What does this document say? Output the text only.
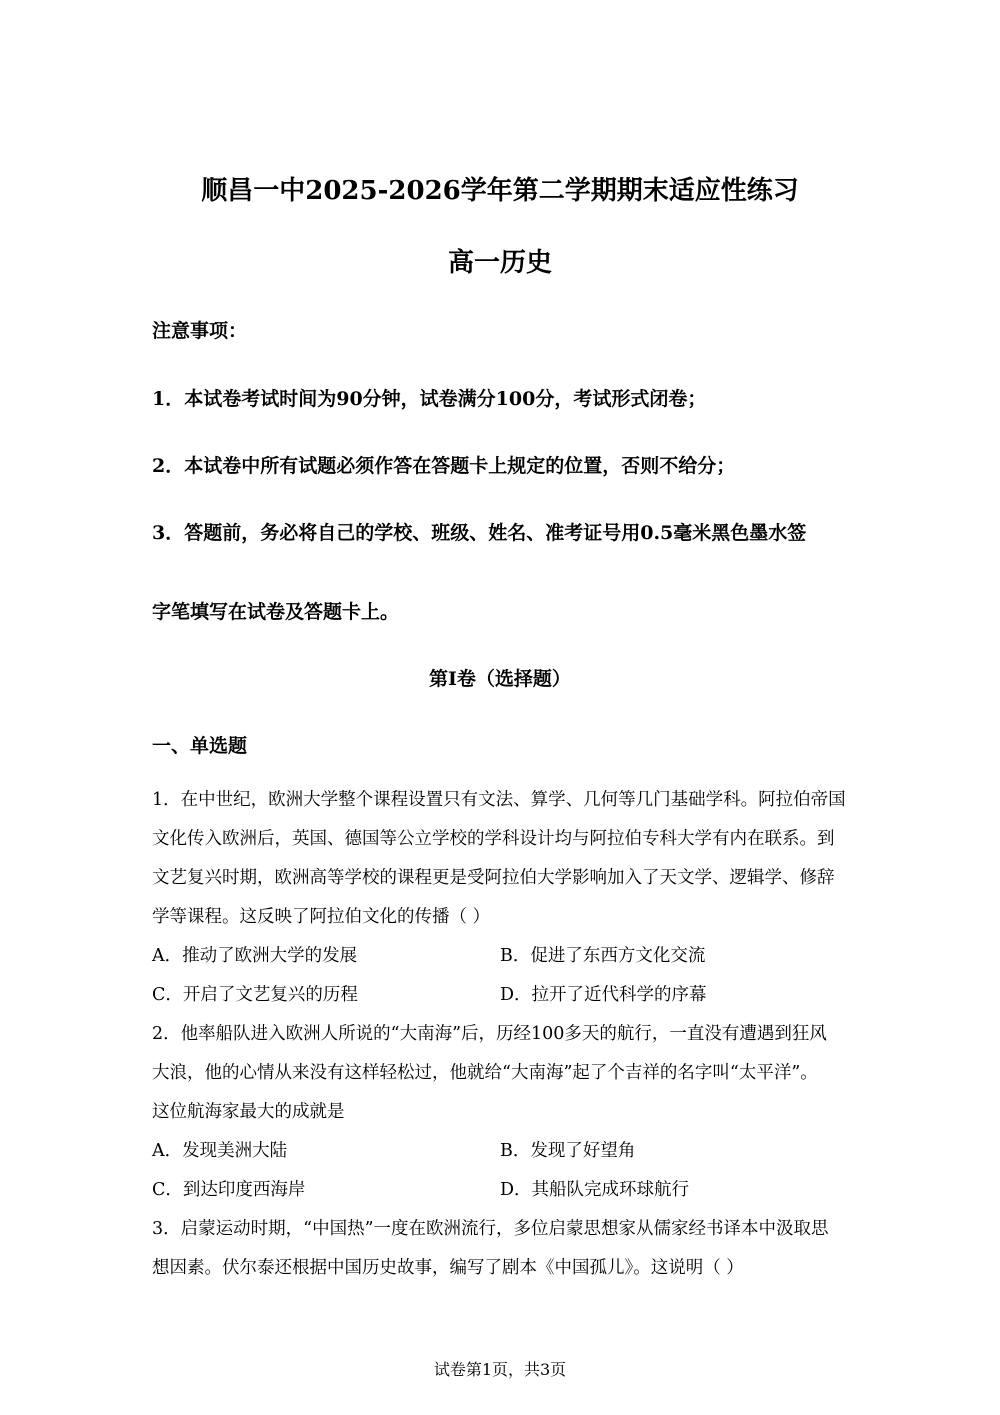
顺昌一中2025-2026学年第二学期期末适应性练习
高一历史
注意事项：
1．本试卷考试时间为90分钟，试卷满分100分，考试形式闭卷；
2．本试卷中所有试题必须作答在答题卡上规定的位置，否则不给分；
3．答题前，务必将自己的学校、班级、姓名、准考证号用0.5毫米黑色墨水签
字笔填写在试卷及答题卡上。
第I卷（选择题）
一、单选题
1．在中世纪，欧洲大学整个课程设置只有文法、算学、几何等几门基础学科。阿拉伯帝国
文化传入欧洲后，英国、德国等公立学校的学科设计均与阿拉伯专科大学有内在联系。到
文艺复兴时期，欧洲高等学校的课程更是受阿拉伯大学影响加入了天文学、逻辑学、修辞
学等课程。这反映了阿拉伯文化的传播（ ）
A．推动了欧洲大学的发展	B．促进了东西方文化交流
C．开启了文艺复兴的历程	D．拉开了近代科学的序幕
2．他率船队进入欧洲人所说的“大南海”后，历经100多天的航行，一直没有遭遇到狂风
大浪，他的心情从来没有这样轻松过，他就给“大南海”起了个吉祥的名字叫“太平洋”。
这位航海家最大的成就是
A．发现美洲大陆	B．发现了好望角
C．到达印度西海岸	D．其船队完成环球航行
3．启蒙运动时期，“中国热”一度在欧洲流行，多位启蒙思想家从儒家经书译本中汲取思
想因素。伏尔泰还根据中国历史故事，编写了剧本《中国孤儿》。这说明（ ）
试卷第1页，共3页
